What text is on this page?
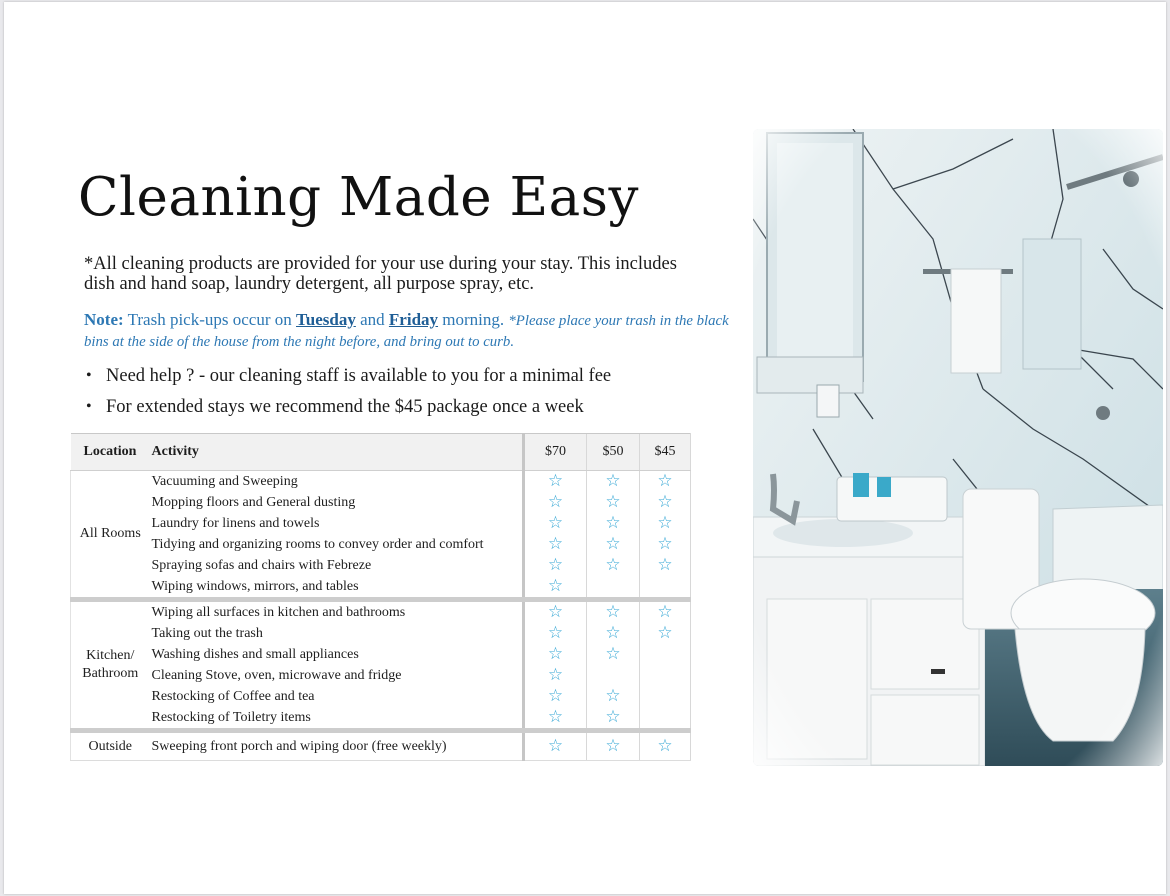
Cleaning Made Easy

*All cleaning products are provided for your use during your stay. This includes dish and hand soap, laundry detergent, all purpose spray, etc.

Note: Trash pick-ups occur on Tuesday and Friday morning. *Please place your trash in the black bins at the side of the house from the night before, and bring out to curb.

• Need help ? - our cleaning staff is available to you for a minimal fee
• For extended stays we recommend the $45 package once a week
Location	Activity	$70	$50	$45
All Rooms	Vacuuming and Sweeping	☆	☆	☆
	Mopping floors and General dusting	☆	☆	☆
	Laundry for linens and towels	☆	☆	☆
	Tidying and organizing rooms to convey order and comfort	☆	☆	☆
	Spraying sofas and chairs with Febreze	☆	☆	☆
	Wiping windows, mirrors, and tables	☆		
Kitchen/ Bathroom	Wiping all surfaces in kitchen and bathrooms	☆	☆	☆
	Taking out the trash	☆	☆	☆
	Washing dishes and small appliances	☆	☆	
	Cleaning Stove, oven, microwave and fridge	☆		
	Restocking of Coffee and tea	☆	☆	
	Restocking of Toiletry items	☆	☆	
Outside	Sweeping front porch and wiping door (free weekly)	☆	☆	☆
